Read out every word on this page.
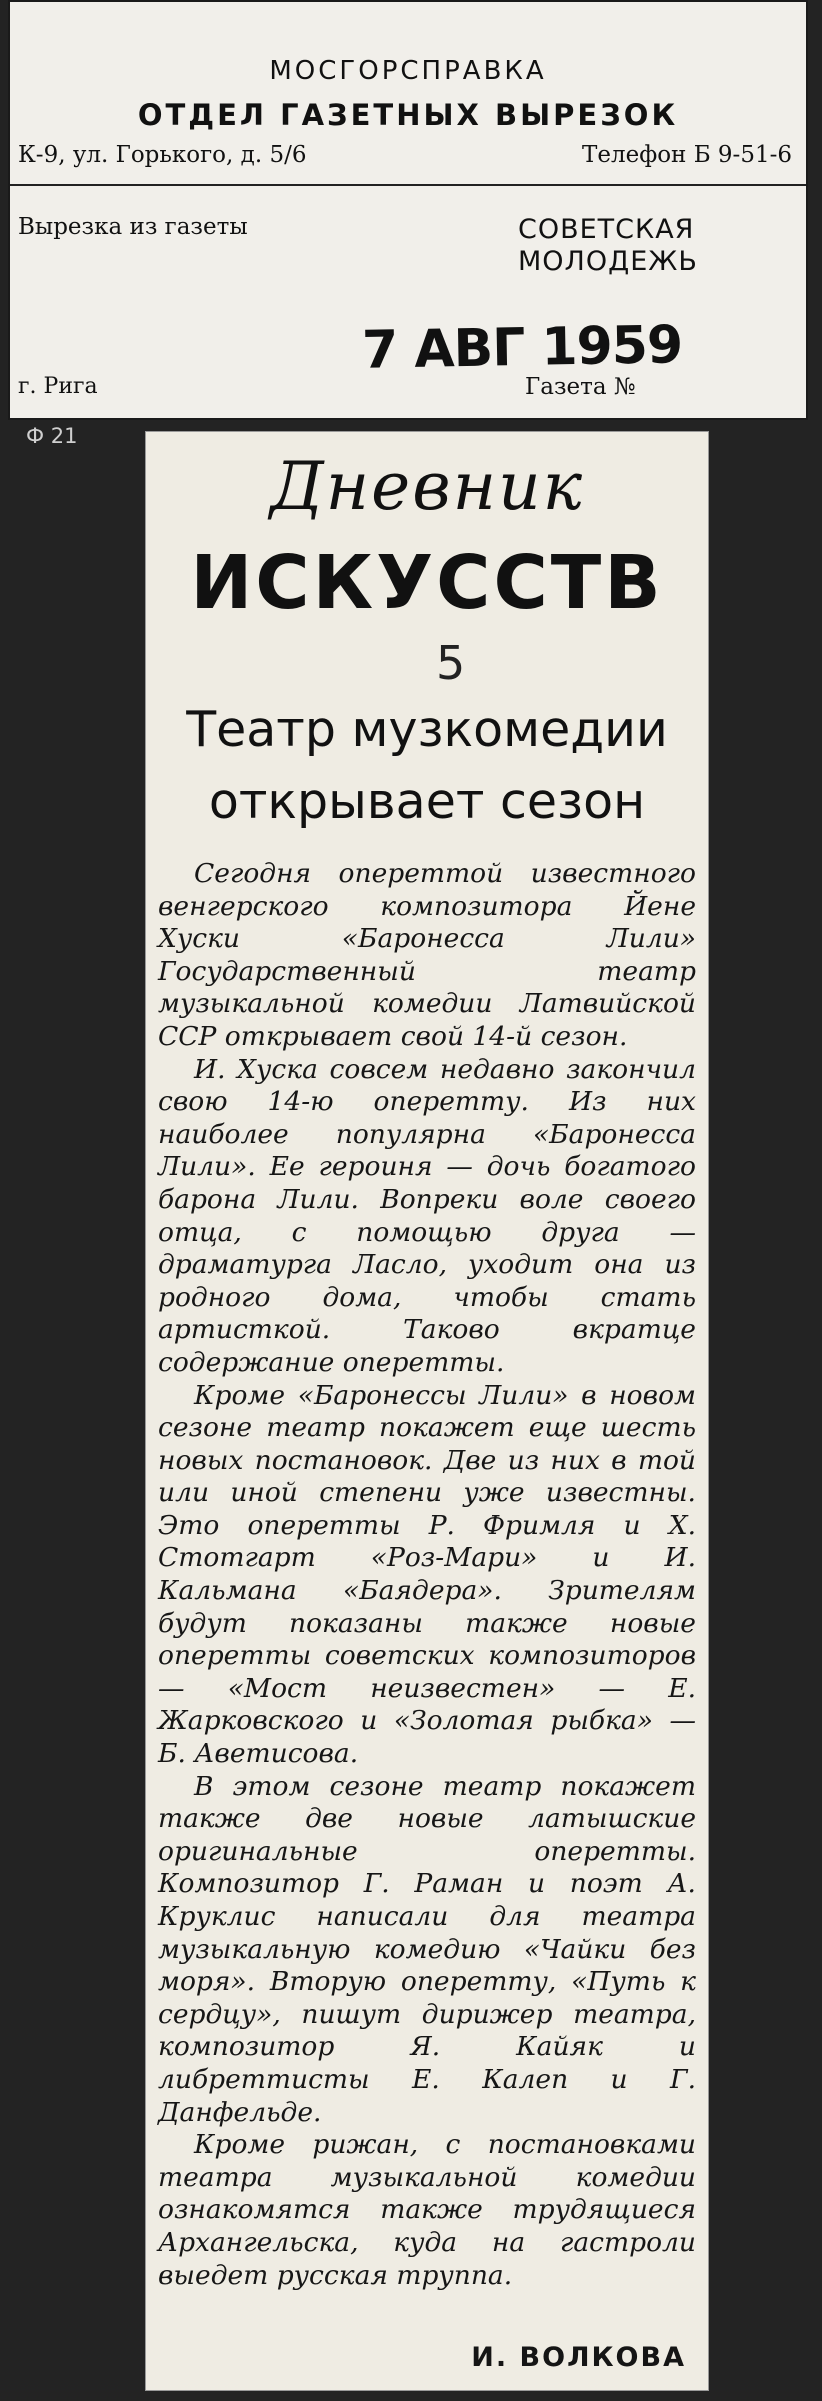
МОСГОРСПРАВКА
ОТДЕЛ ГАЗЕТНЫХ ВЫРЕЗОК
К-9, ул. Горького, д. 5/6	Телефон Б 9-51-6
Вырезка из газеты	СОВЕТСКАЯ
МОЛОДЕЖЬ
7 АВГ 1959
г. Рига	Газета №
Ф 21
Дневник
ИСКУССТВ
5
Театр музкомедии
открывает сезон

Сегодня опереттой известного венгерского композитора Йене Хуски «Баронесса Лили» Государственный театр музыкальной комедии Латвийской ССР открывает свой 14-й сезон.

И. Хуска совсем недавно закончил свою 14-ю оперетту. Из них наиболее популярна «Баронесса Лили». Ее героиня — дочь богатого барона Лили. Вопреки воле своего отца, с помощью друга — драматурга Ласло, уходит она из родного дома, чтобы стать артисткой. Таково вкратце содержание оперетты.

Кроме «Баронессы Лили» в новом сезоне театр покажет еще шесть новых постановок. Две из них в той или иной степени уже известны. Это оперетты Р. Фримля и Х. Стотгарт «Роз-Мари» и И. Кальмана «Баядера». Зрителям будут показаны также новые оперетты советских композиторов — «Мост неизвестен» — Е. Жарковского и «Золотая рыбка» — Б. Аветисова.

В этом сезоне театр покажет также две новые латышские оригинальные оперетты. Композитор Г. Раман и поэт А. Круклис написали для театра музыкальную комедию «Чайки без моря». Вторую оперетту, «Путь к сердцу», пишут дирижер театра, композитор Я. Кайяк и либреттисты Е. Калеп и Г. Данфельде.

Кроме рижан, с постановками театра музыкальной комедии ознакомятся также трудящиеся Архангельска, куда на гастроли выедет русская труппа.

И. ВОЛКОВА
